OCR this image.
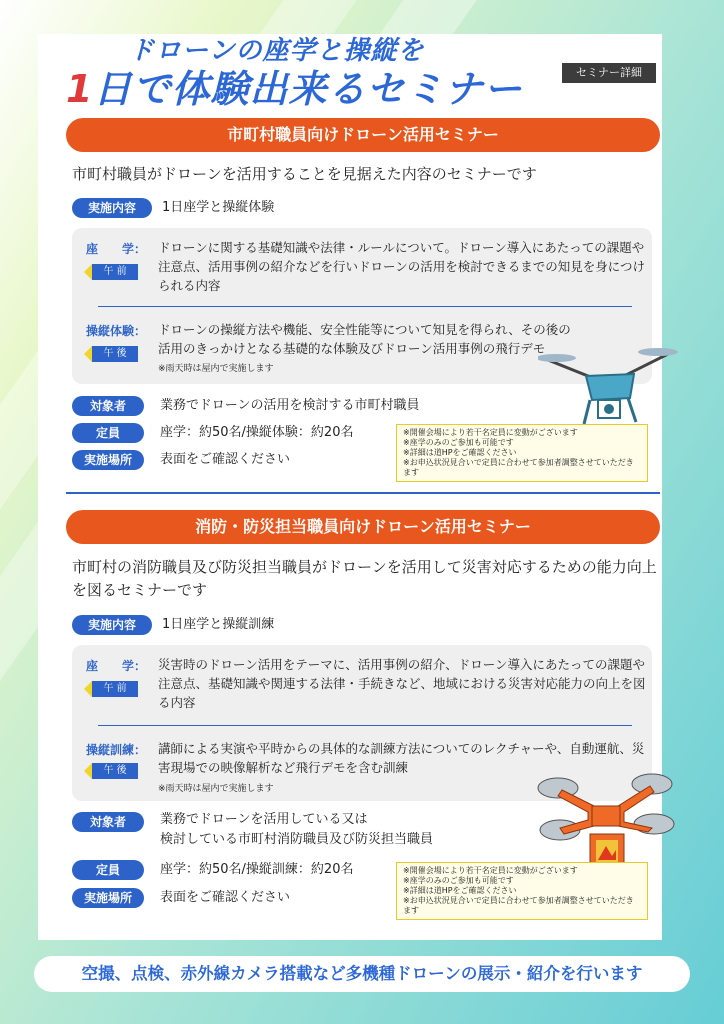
ドローンの座学と操縦を
1日で体験出来るセミナー	セミナー詳細
市町村職員向けドローン活用セミナー
市町村職員がドローンを活用することを見据えた内容のセミナーです
実施内容	1日座学と操縦体験
座　　学：
午 前
ドローンに関する基礎知識や法律・ルールについて。ドローン導入にあたっての課題や注意点、活用事例の紹介などを行いドローンの活用を検討できるまでの知見を身につけられる内容
操縦体験：
午 後
ドローンの操縦方法や機能、安全性能等について知見を得られ、その後の活用のきっかけとなる基礎的な体験及びドローン活用事例の飛行デモ
※雨天時は屋内で実施します
対象者	業務でドローンの活用を検討する市町村職員
定員	座学：約50名/操縦体験：約20名
実施場所	表面をご確認ください
※開催会場により若干名定員に変動がございます
※座学のみのご参加も可能です
※詳細は道HPをご確認ください
※お申込状況見合いで定員に合わせて参加者調整させていただきます
消防・防災担当職員向けドローン活用セミナー
市町村の消防職員及び防災担当職員がドローンを活用して災害対応するための能力向上を図るセミナーです
実施内容	1日座学と操縦訓練
座　　学：
午 前
災害時のドローン活用をテーマに、活用事例の紹介、ドローン導入にあたっての課題や注意点、基礎知識や関連する法律・手続きなど、地域における災害対応能力の向上を図る内容
操縦訓練：
午 後
講師による実演や平時からの具体的な訓練方法についてのレクチャーや、自動運航、災害現場での映像解析など飛行デモを含む訓練
※雨天時は屋内で実施します
対象者	業務でドローンを活用している又は
検討している市町村消防職員及び防災担当職員
定員	座学：約50名/操縦訓練：約20名
実施場所	表面をご確認ください
※開催会場により若干名定員に変動がございます
※座学のみのご参加も可能です
※詳細は道HPをご確認ください
※お申込状況見合いで定員に合わせて参加者調整させていただきます
空撮、点検、赤外線カメラ搭載など多機種ドローンの展示・紹介を行います
